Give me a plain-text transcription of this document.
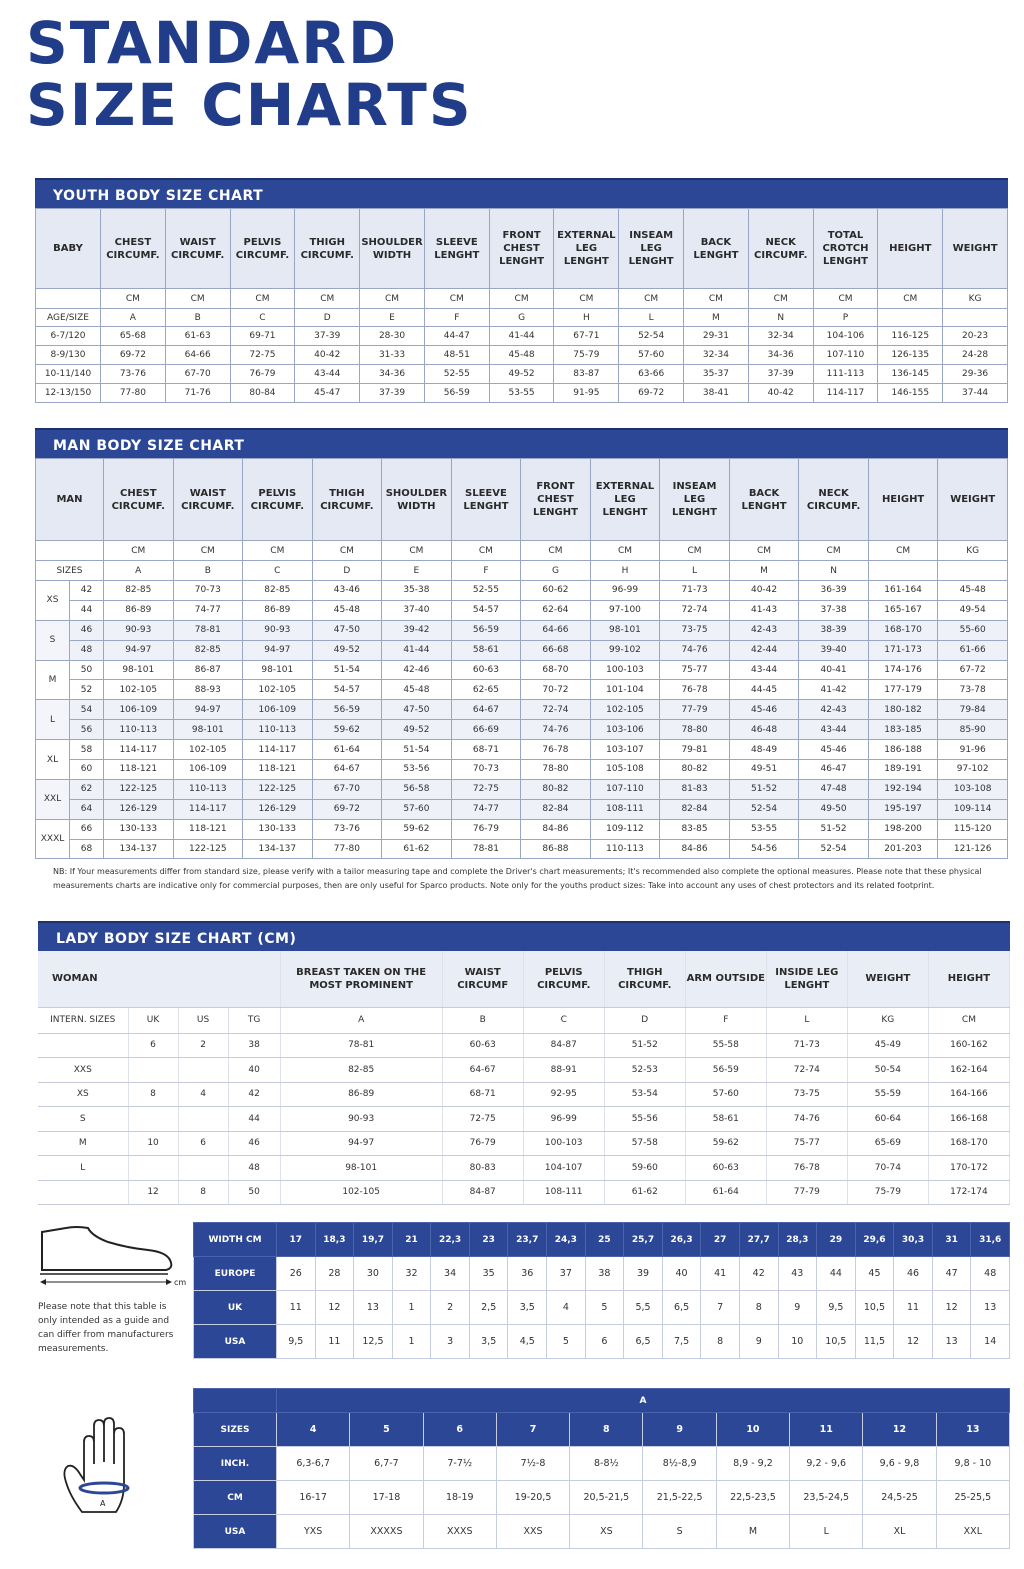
STANDARD
SIZE CHARTS
YOUTH BODY SIZE CHART
BABY	CHEST CIRCUMF.	WAIST CIRCUMF.	PELVIS CIRCUMF.	THIGH CIRCUMF.	SHOULDER WIDTH	SLEEVE LENGHT	FRONT CHEST LENGHT	EXTERNAL LEG LENGHT	INSEAM LEG LENGHT	BACK LENGHT	NECK CIRCUMF.	TOTAL CROTCH LENGHT	HEIGHT	WEIGHT
	CM	CM	CM	CM	CM	CM	CM	CM	CM	CM	CM	CM	CM	KG
AGE/SIZE	A	B	C	D	E	F	G	H	L	M	N	P		
6-7/120	65-68	61-63	69-71	37-39	28-30	44-47	41-44	67-71	52-54	29-31	32-34	104-106	116-125	20-23
8-9/130	69-72	64-66	72-75	40-42	31-33	48-51	45-48	75-79	57-60	32-34	34-36	107-110	126-135	24-28
10-11/140	73-76	67-70	76-79	43-44	34-36	52-55	49-52	83-87	63-66	35-37	37-39	111-113	136-145	29-36
12-13/150	77-80	71-76	80-84	45-47	37-39	56-59	53-55	91-95	69-72	38-41	40-42	114-117	146-155	37-44
MAN BODY SIZE CHART
MAN		CHEST CIRCUMF.	WAIST CIRCUMF.	PELVIS CIRCUMF.	THIGH CIRCUMF.	SHOULDER WIDTH	SLEEVE LENGHT	FRONT CHEST LENGHT	EXTERNAL LEG LENGHT	INSEAM LEG LENGHT	BACK LENGHT	NECK CIRCUMF.	HEIGHT	WEIGHT
		CM	CM	CM	CM	CM	CM	CM	CM	CM	CM	CM	CM	KG
SIZES		A	B	C	D	E	F	G	H	L	M	N		
XS	42	82-85	70-73	82-85	43-46	35-38	52-55	60-62	96-99	71-73	40-42	36-39	161-164	45-48
	44	86-89	74-77	86-89	45-48	37-40	54-57	62-64	97-100	72-74	41-43	37-38	165-167	49-54
S	46	90-93	78-81	90-93	47-50	39-42	56-59	64-66	98-101	73-75	42-43	38-39	168-170	55-60
	48	94-97	82-85	94-97	49-52	41-44	58-61	66-68	99-102	74-76	42-44	39-40	171-173	61-66
M	50	98-101	86-87	98-101	51-54	42-46	60-63	68-70	100-103	75-77	43-44	40-41	174-176	67-72
	52	102-105	88-93	102-105	54-57	45-48	62-65	70-72	101-104	76-78	44-45	41-42	177-179	73-78
L	54	106-109	94-97	106-109	56-59	47-50	64-67	72-74	102-105	77-79	45-46	42-43	180-182	79-84
	56	110-113	98-101	110-113	59-62	49-52	66-69	74-76	103-106	78-80	46-48	43-44	183-185	85-90
XL	58	114-117	102-105	114-117	61-64	51-54	68-71	76-78	103-107	79-81	48-49	45-46	186-188	91-96
	60	118-121	106-109	118-121	64-67	53-56	70-73	78-80	105-108	80-82	49-51	46-47	189-191	97-102
XXL	62	122-125	110-113	122-125	67-70	56-58	72-75	80-82	107-110	81-83	51-52	47-48	192-194	103-108
	64	126-129	114-117	126-129	69-72	57-60	74-77	82-84	108-111	82-84	52-54	49-50	195-197	109-114
XXXL	66	130-133	118-121	130-133	73-76	59-62	76-79	84-86	109-112	83-85	53-55	51-52	198-200	115-120
	68	134-137	122-125	134-137	77-80	61-62	78-81	86-88	110-113	84-86	54-56	52-54	201-203	121-126
NB: If Your measurements differ from standard size, please verify with a tailor measuring tape and complete the Driver's chart measurements; It's recommended also complete the optional measures. Please note that these physical
measurements charts are indicative only for commercial purposes, then are only useful for Sparco products. Note only for the youths product sizes: Take into account any uses of chest protectors and its related footprint.
LADY BODY SIZE CHART (CM)
WOMAN				BREAST TAKEN ON THE MOST PROMINENT	WAIST CIRCUMF	PELVIS CIRCUMF.	THIGH CIRCUMF.	ARM OUTSIDE	INSIDE LEG LENGHT	WEIGHT	HEIGHT
INTERN. SIZES	UK	US	TG	A	B	C	D	F	L	KG	CM
	6	2	38	78-81	60-63	84-87	51-52	55-58	71-73	45-49	160-162
XXS			40	82-85	64-67	88-91	52-53	56-59	72-74	50-54	162-164
XS	8	4	42	86-89	68-71	92-95	53-54	57-60	73-75	55-59	164-166
S			44	90-93	72-75	96-99	55-56	58-61	74-76	60-64	166-168
M	10	6	46	94-97	76-79	100-103	57-58	59-62	75-77	65-69	168-170
L			48	98-101	80-83	104-107	59-60	60-63	76-78	70-74	170-172
	12	8	50	102-105	84-87	108-111	61-62	61-64	77-79	75-79	172-174
cm
Please note that this table is only intended as a guide and can differ from manufacturers measurements.
WIDTH CM	17	18,3	19,7	21	22,3	23	23,7	24,3	25	25,7	26,3	27	27,7	28,3	29	29,6	30,3	31	31,6
EUROPE	26	28	30	32	34	35	36	37	38	39	40	41	42	43	44	45	46	47	48
UK	11	12	13	1	2	2,5	3,5	4	5	5,5	6,5	7	8	9	9,5	10,5	11	12	13
USA	9,5	11	12,5	1	3	3,5	4,5	5	6	6,5	7,5	8	9	10	10,5	11,5	12	13	14
A
	A									
SIZES	4	5	6	7	8	9	10	11	12	13
INCH.	6,3-6,7	6,7-7	7-7½	7½-8	8-8½	8½-8,9	8,9 - 9,2	9,2 - 9,6	9,6 - 9,8	9,8 - 10
CM	16-17	17-18	18-19	19-20,5	20,5-21,5	21,5-22,5	22,5-23,5	23,5-24,5	24,5-25	25-25,5
USA	YXS	XXXXS	XXXS	XXS	XS	S	M	L	XL	XXL
